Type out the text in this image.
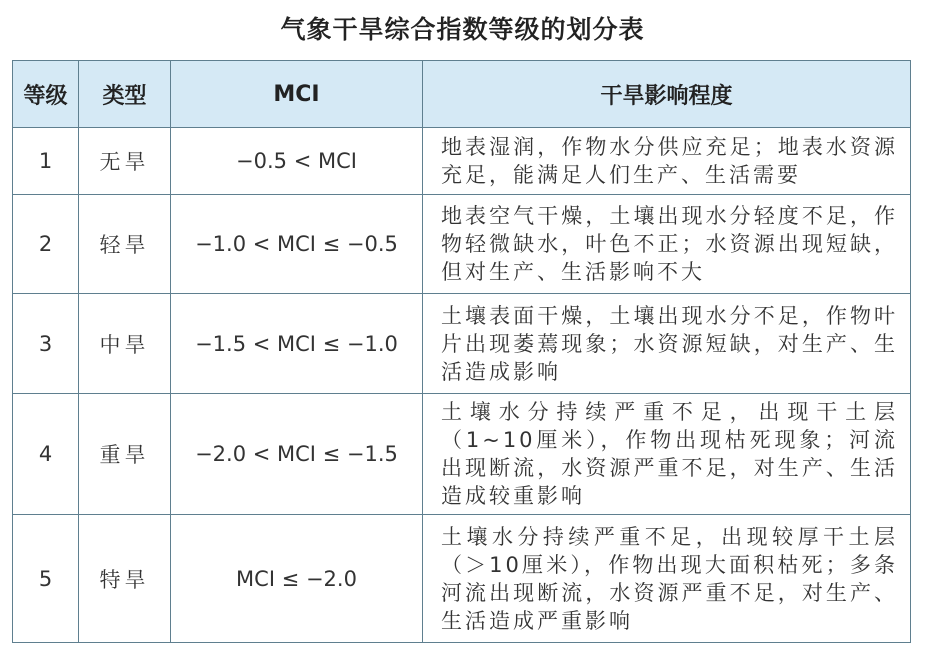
气象干旱综合指数等级的划分表
等级	类型	MCI	干旱影响程度
1	无旱	−0.5 < MCI	地表湿润，作物水分供应充足；地表水资源充足，能满足人们生产、生活需要
2	轻旱	−1.0 < MCI ≤ −0.5	地表空气干燥，土壤出现水分轻度不足，作物轻微缺水，叶色不正；水资源出现短缺，但对生产、生活影响不大
3	中旱	−1.5 < MCI ≤ −1.0	土壤表面干燥，土壤出现水分不足，作物叶片出现萎蔫现象；水资源短缺，对生产、生活造成影响
4	重旱	−2.0 < MCI ≤ −1.5	土壤水分持续严重不足，出现干土层（1~10厘米），作物出现枯死现象；河流出现断流，水资源严重不足，对生产、生活造成较重影响
5	特旱	MCI ≤ −2.0	土壤水分持续严重不足，出现较厚干土层（＞10厘米），作物出现大面积枯死；多条河流出现断流，水资源严重不足，对生产、生活造成严重影响
